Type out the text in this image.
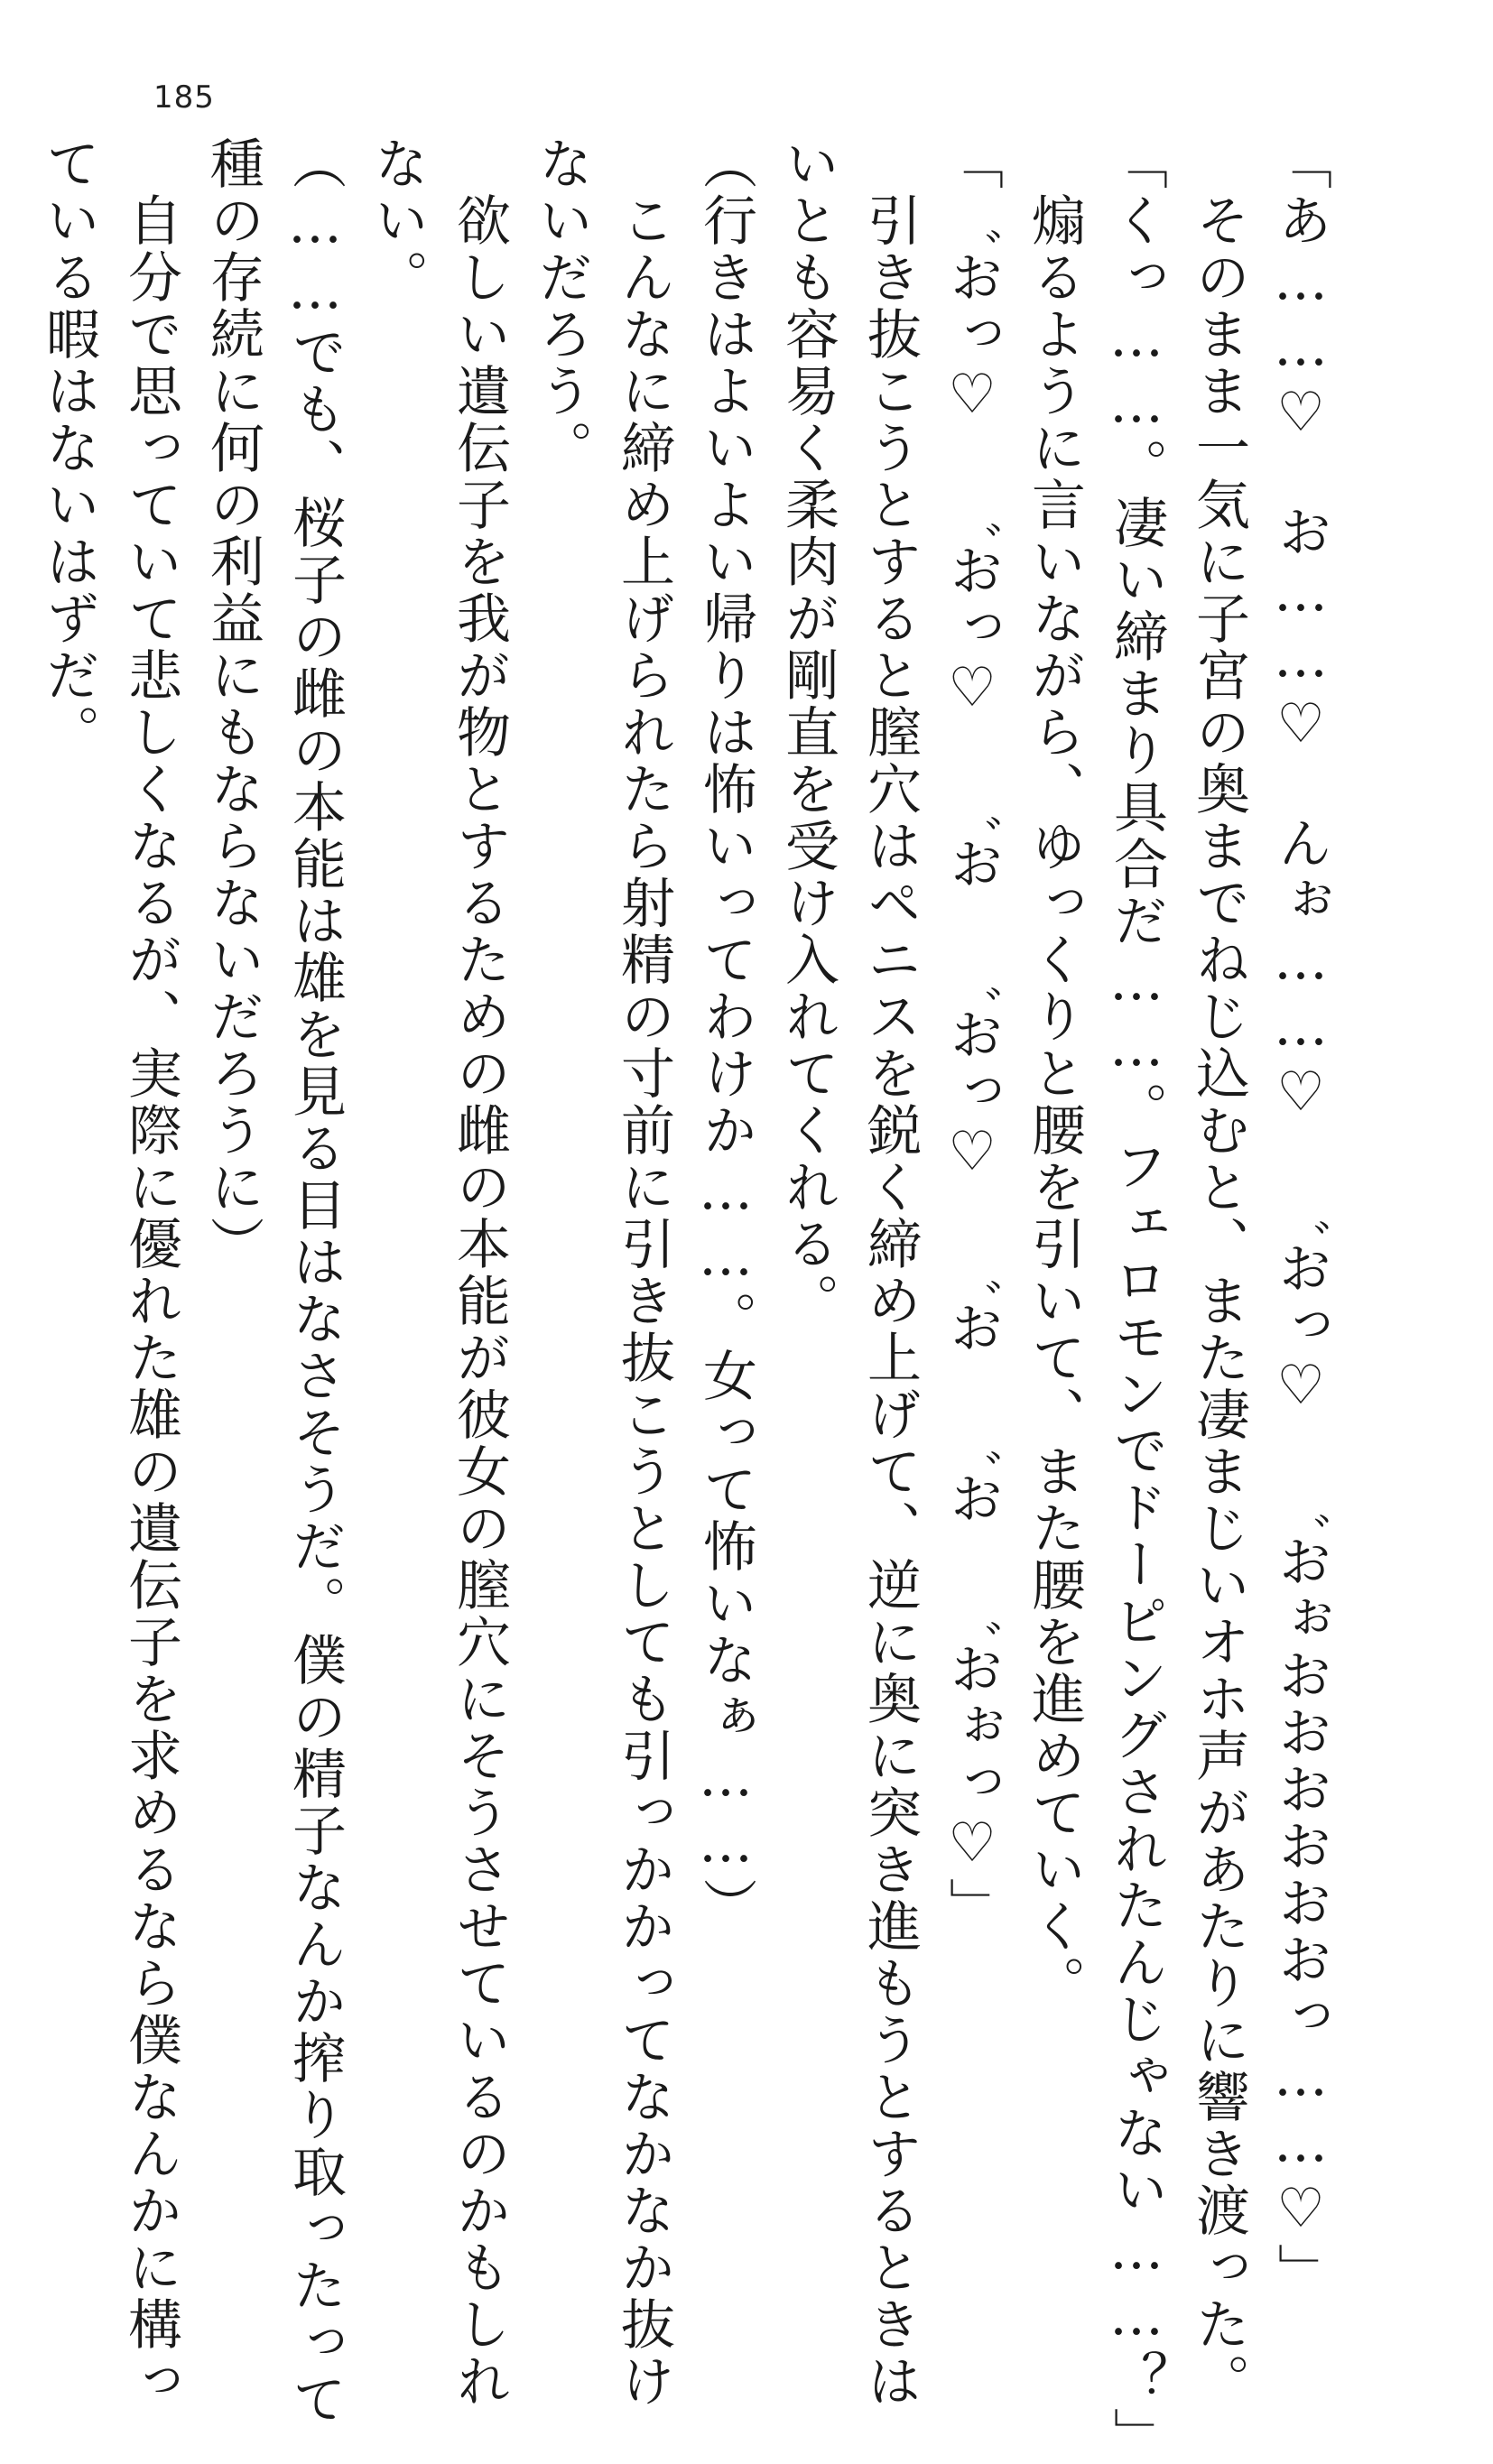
185
「あ……♡　お……♡　んぉ……♡　゛おっ♡　゛おぉおおおおおおっ……♡」
　そのまま一気に子宮の奥までねじ込むと、また凄まじいオホ声があたりに響き渡った。
「くっ……。凄い締まり具合だ……。フェロモンでドーピングされたんじゃない……？」
　煽るように言いながら、ゆっくりと腰を引いて、また腰を進めていく。
「゛おっ♡　゛おっ♡　゛お　゛おっ♡　゛お　゛お　゛おぉっ♡」
　引き抜こうとすると膣穴はペニスを鋭く締め上げて、逆に奥に突き進もうとするときは
いとも容易く柔肉が剛直を受け入れてくれる。
（行きはよいよい帰りは怖いってわけか……。女って怖いなぁ……）
　こんなに締め上げられたら射精の寸前に引き抜こうとしても引っかかってなかなか抜け
ないだろう。
　欲しい遺伝子を我が物とするための雌の本能が彼女の膣穴にそうさせているのかもしれ
ない。
（……でも、桜子の雌の本能は雄を見る目はなさそうだ。僕の精子なんか搾り取ったって
種の存続に何の利益にもならないだろうに）
　自分で思っていて悲しくなるが、実際に優れた雄の遺伝子を求めるなら僕なんかに構っ
ている暇はないはずだ。
